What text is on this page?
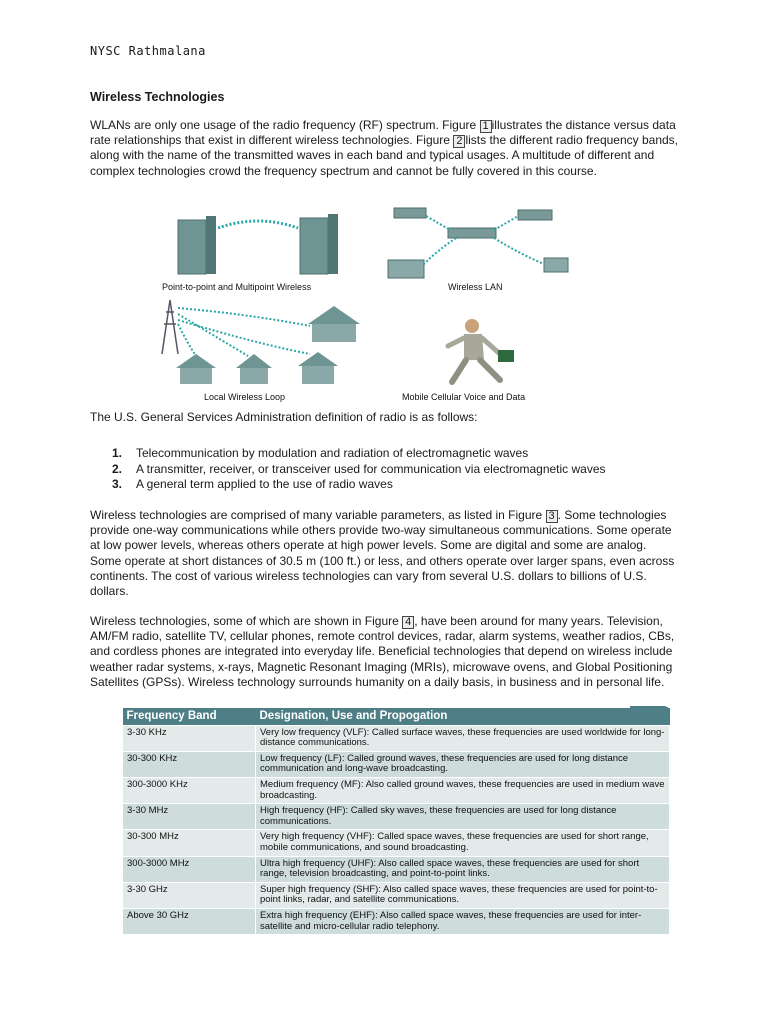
NYSC Rathmalana
Wireless Technologies
WLANs are only one usage of the radio frequency (RF) spectrum. Figure 1 illustrates the distance versus data rate relationships that exist in different wireless technologies. Figure 2 lists the different radio frequency bands, along with the name of the transmitted waves in each band and typical usages. A multitude of different and complex technologies crowd the frequency spectrum and cannot be fully covered in this course.
Point-to-point and Multipoint Wireless	Wireless LAN
Local Wireless Loop	Mobile Cellular Voice and Data
The U.S. General Services Administration definition of radio is as follows:
1.	Telecommunication by modulation and radiation of electromagnetic waves
2.	A transmitter, receiver, or transceiver used for communication via electromagnetic waves
3.	A general term applied to the use of radio waves
Wireless technologies are comprised of many variable parameters, as listed in Figure 3 . Some technologies provide one-way communications while others provide two-way simultaneous communications. Some operate at low power levels, whereas others operate at high power levels. Some are digital and some are analog. Some operate at short distances of 30.5 m (100 ft.) or less, and others operate over larger spans, even across continents. The cost of various wireless technologies can vary from several U.S. dollars to billions of U.S. dollars.
Wireless technologies, some of which are shown in Figure 4 , have been around for many years. Television, AM/FM radio, satellite TV, cellular phones, remote control devices, radar, alarm systems, weather radios, CBs, and cordless phones are integrated into everyday life. Beneficial technologies that depend on wireless include weather radar systems, x-rays, Magnetic Resonant Imaging (MRIs), microwave ovens, and Global Positioning Satellites (GPSs). Wireless technology surrounds humanity on a daily basis, in business and in personal life.
Frequency Band	Designation, Use and Propogation
3-30 KHz	Very low frequency (VLF): Called surface waves, these frequencies are used worldwide for long-distance communications.
30-300 KHz	Low frequency (LF): Called ground waves, these frequencies are used for long distance communication and long-wave broadcasting.
300-3000 KHz	Medium frequency (MF): Also called ground waves, these frequencies are used in medium wave broadcasting.
3-30 MHz	High frequency (HF): Called sky waves, these frequencies are used for long distance communications.
30-300 MHz	Very high frequency (VHF): Called space waves, these frequencies are used for short range, mobile communications, and sound broadcasting.
300-3000 MHz	Ultra high frequency (UHF): Also called space waves, these frequencies are used for short range, television broadcasting, and point-to-point links.
3-30 GHz	Super high frequency (SHF): Also called space waves, these frequencies are used for point-to-point links, radar, and satellite communications.
Above 30 GHz	Extra high frequency (EHF): Also called space waves, these frequencies are used for inter-satellite and micro-cellular radio telephony.
